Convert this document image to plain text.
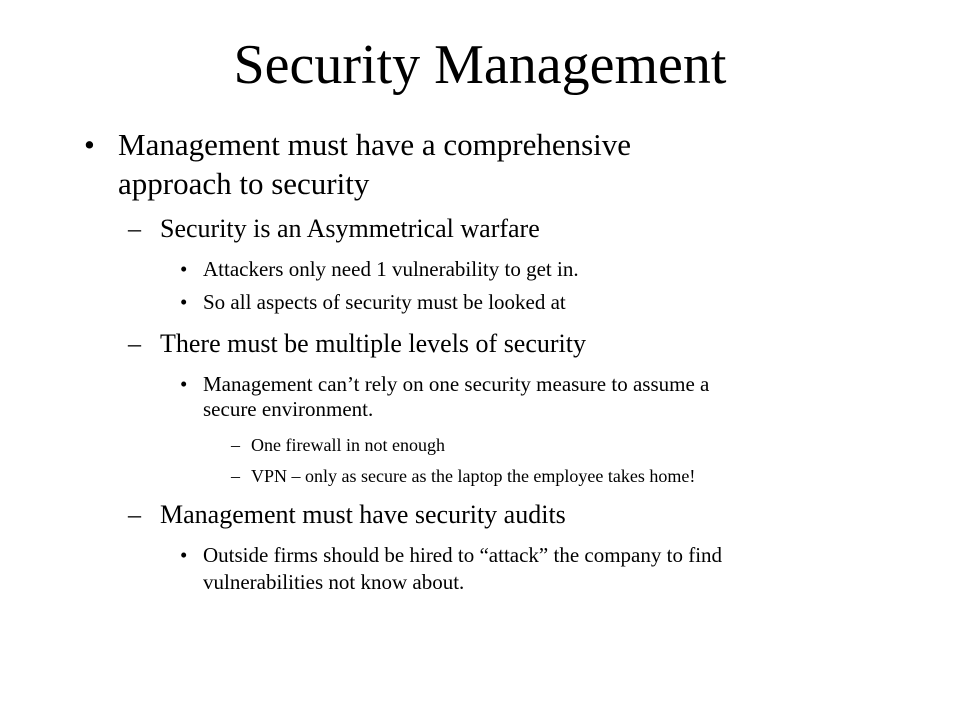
Security Management
• Management must have a comprehensive
approach to security
– Security is an Asymmetrical warfare
• Attackers only need 1 vulnerability to get in.
• So all aspects of security must be looked at
– There must be multiple levels of security
• Management can’t rely on one security measure to assume a
secure environment.
– One firewall in not enough
– VPN – only as secure as the laptop the employee takes home!
– Management must have security audits
• Outside firms should be hired to “attack” the company to find
vulnerabilities not know about.
